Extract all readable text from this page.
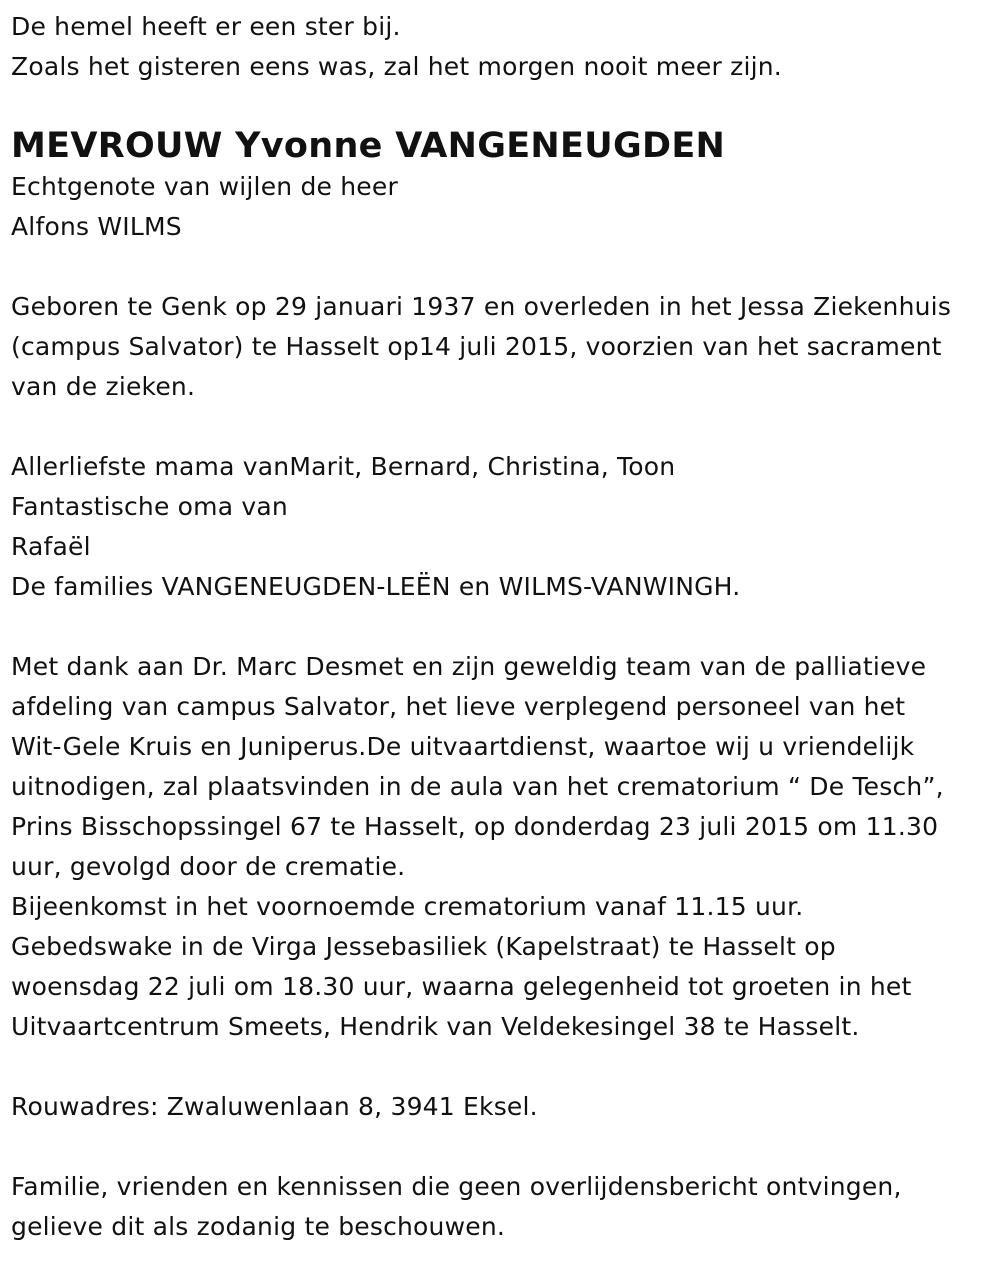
De hemel heeft er een ster bij.
Zoals het gisteren eens was, zal het morgen nooit meer zijn.
MEVROUW Yvonne VANGENEUGDEN
Echtgenote van wijlen de heer
Alfons WILMS
Geboren te Genk op 29 januari 1937 en overleden in het Jessa Ziekenhuis
(campus Salvator) te Hasselt op14 juli 2015, voorzien van het sacrament
van de zieken.
Allerliefste mama vanMarit, Bernard, Christina, Toon
Fantastische oma van
Rafaël
De families VANGENEUGDEN-LEËN en WILMS-VANWINGH.
Met dank aan Dr. Marc Desmet en zijn geweldig team van de palliatieve
afdeling van campus Salvator, het lieve verplegend personeel van het
Wit-Gele Kruis en Juniperus.De uitvaartdienst, waartoe wij u vriendelijk
uitnodigen, zal plaatsvinden in de aula van het crematorium “ De Tesch”,
Prins Bisschopssingel 67 te Hasselt, op donderdag 23 juli 2015 om 11.30
uur, gevolgd door de crematie.
Bijeenkomst in het voornoemde crematorium vanaf 11.15 uur.
Gebedswake in de Virga Jessebasiliek (Kapelstraat) te Hasselt op
woensdag 22 juli om 18.30 uur, waarna gelegenheid tot groeten in het
Uitvaartcentrum Smeets, Hendrik van Veldekesingel 38 te Hasselt.
Rouwadres: Zwaluwenlaan 8, 3941 Eksel.
Familie, vrienden en kennissen die geen overlijdensbericht ontvingen,
gelieve dit als zodanig te beschouwen.
